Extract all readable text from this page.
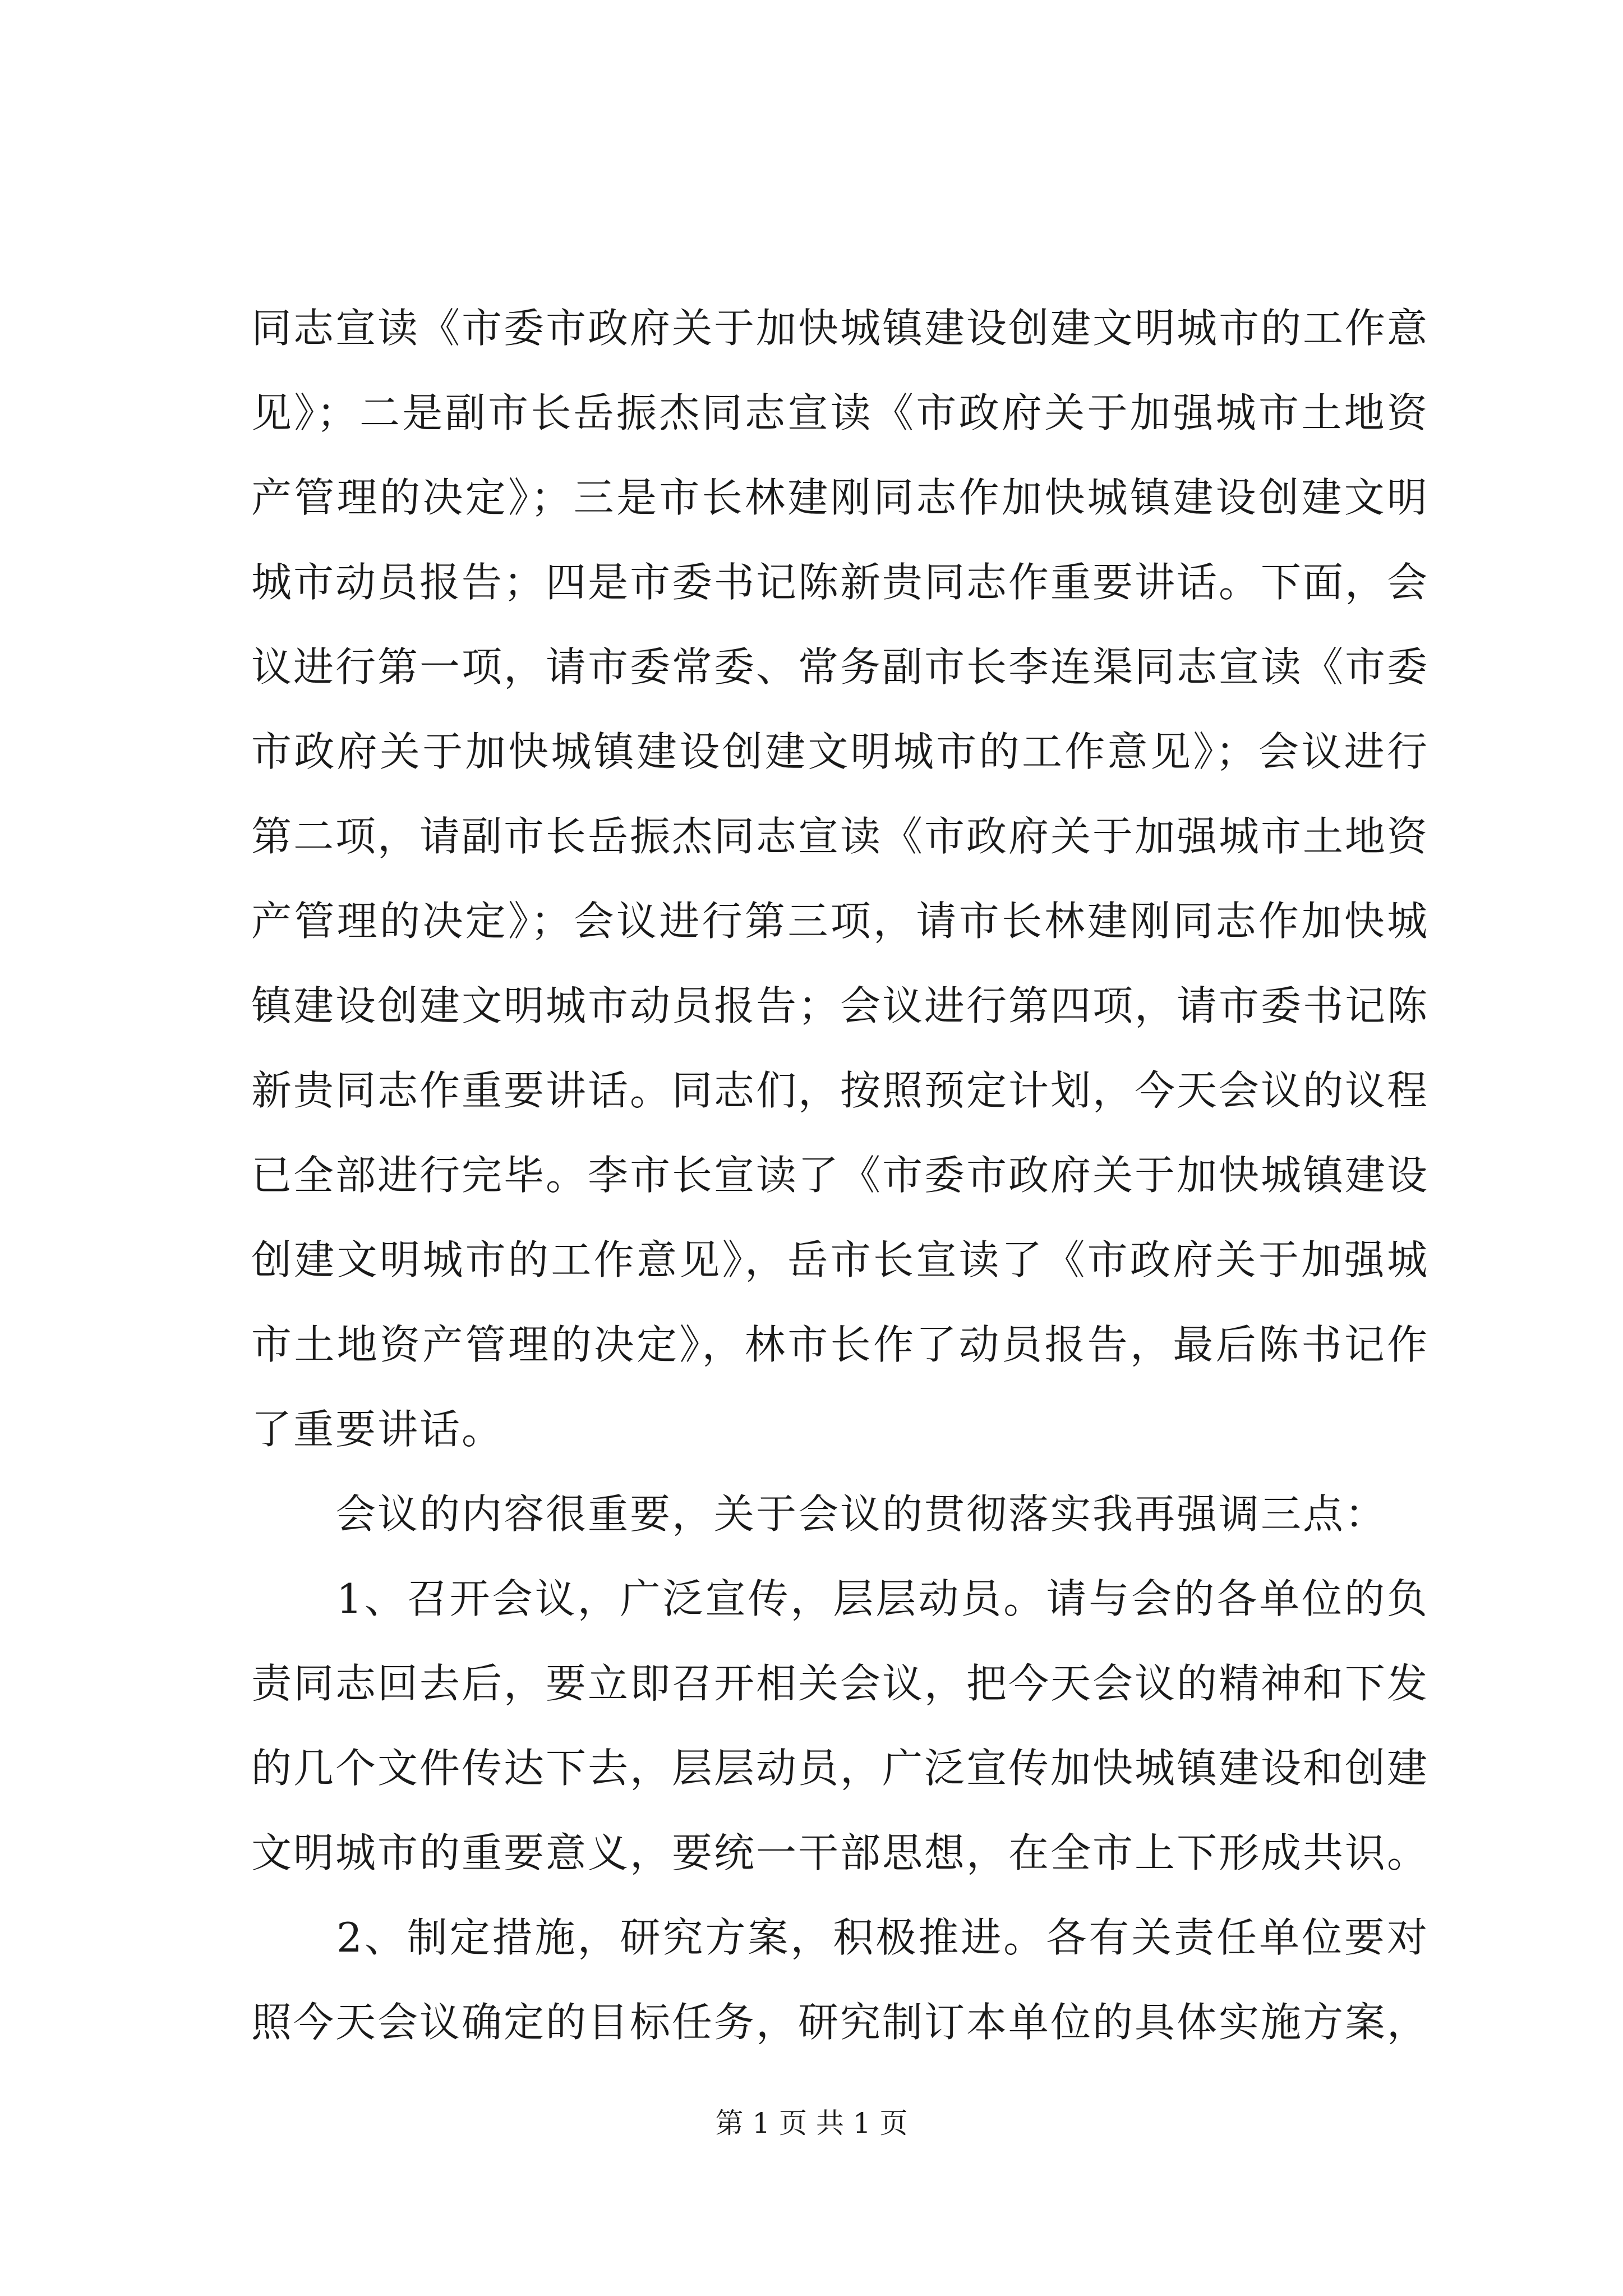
同志宣读《市委市政府关于加快城镇建设创建文明城市的工作意
见》；二是副市长岳振杰同志宣读《市政府关于加强城市土地资
产管理的决定》；三是市长林建刚同志作加快城镇建设创建文明
城市动员报告；四是市委书记陈新贵同志作重要讲话。下面，会
议进行第一项，请市委常委、常务副市长李连渠同志宣读《市委
市政府关于加快城镇建设创建文明城市的工作意见》；会议进行
第二项，请副市长岳振杰同志宣读《市政府关于加强城市土地资
产管理的决定》；会议进行第三项，请市长林建刚同志作加快城
镇建设创建文明城市动员报告；会议进行第四项，请市委书记陈
新贵同志作重要讲话。同志们，按照预定计划，今天会议的议程
已全部进行完毕。李市长宣读了《市委市政府关于加快城镇建设
创建文明城市的工作意见》，岳市长宣读了《市政府关于加强城
市土地资产管理的决定》，林市长作了动员报告，最后陈书记作
了重要讲话。
　　会议的内容很重要，关于会议的贯彻落实我再强调三点：
　　1、召开会议，广泛宣传，层层动员。请与会的各单位的负
责同志回去后，要立即召开相关会议，把今天会议的精神和下发
的几个文件传达下去，层层动员，广泛宣传加快城镇建设和创建
文明城市的重要意义，要统一干部思想，在全市上下形成共识。
　　2、制定措施，研究方案，积极推进。各有关责任单位要对
照今天会议确定的目标任务，研究制订本单位的具体实施方案，
第 1 页 共 1 页
